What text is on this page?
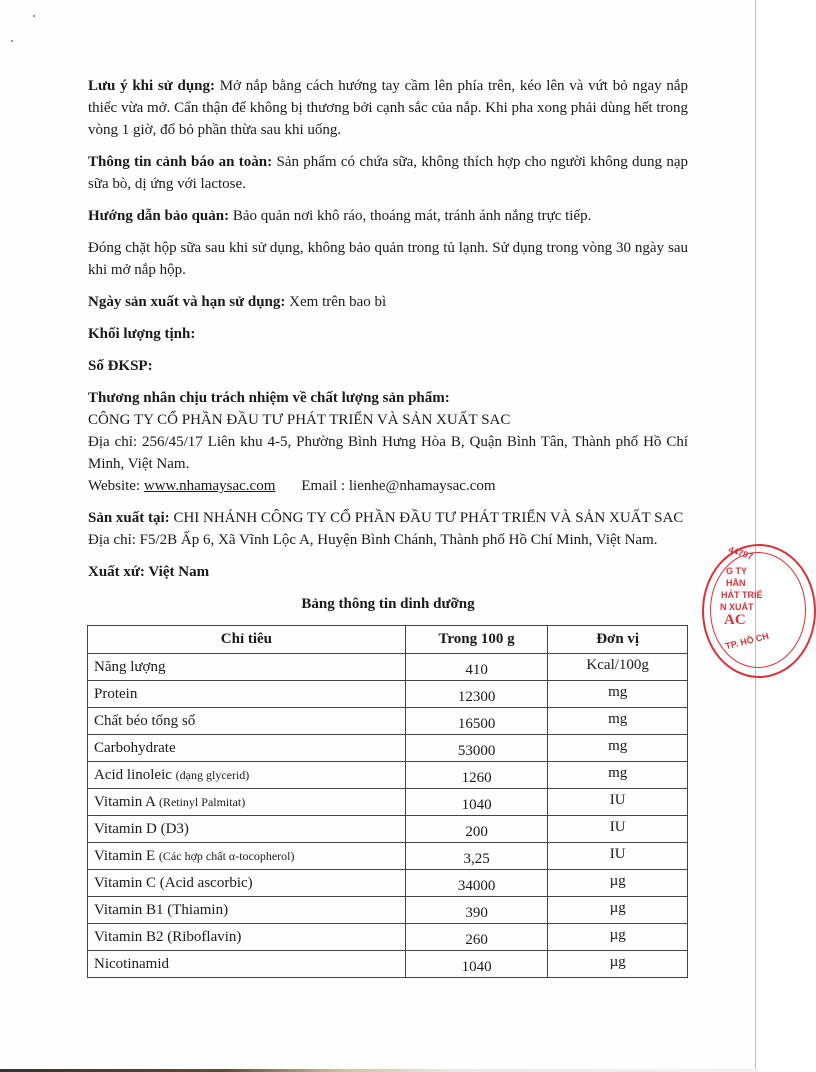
Lưu ý khi sử dụng: Mở nắp bằng cách hướng tay cầm lên phía trên, kéo lên và vứt bỏ ngay nắp thiếc vừa mở. Cẩn thận để không bị thương bởi cạnh sắc của nắp. Khi pha xong phải dùng hết trong vòng 1 giờ, đổ bỏ phần thừa sau khi uống.

Thông tin cảnh báo an toàn: Sản phẩm có chứa sữa, không thích hợp cho người không dung nạp sữa bò, dị ứng với lactose.

Hướng dẫn bảo quản: Bảo quản nơi khô ráo, thoáng mát, tránh ánh nắng trực tiếp.

Đóng chặt hộp sữa sau khi sử dụng, không bảo quản trong tủ lạnh. Sử dụng trong vòng 30 ngày sau khi mở nắp hộp.

Ngày sản xuất và hạn sử dụng: Xem trên bao bì

Khối lượng tịnh:

Số ĐKSP:

Thương nhân chịu trách nhiệm về chất lượng sản phẩm:
CÔNG TY CỔ PHẦN ĐẦU TƯ PHÁT TRIỂN VÀ SẢN XUẤT SAC
Địa chỉ: 256/45/17 Liên khu 4-5, Phường Bình Hưng Hòa B, Quận Bình Tân, Thành phố Hồ Chí Minh, Việt Nam.
Website: www.nhamaysac.com Email : lienhe@nhamaysac.com
Sản xuất tại: CHI NHÁNH CÔNG TY CỔ PHẦN ĐẦU TƯ PHÁT TRIỂN VÀ SẢN XUẤT SAC
Địa chỉ: F5/2B Ấp 6, Xã Vĩnh Lộc A, Huyện Bình Chánh, Thành phố Hồ Chí Minh, Việt Nam.

Xuất xứ: Việt Nam

Bảng thông tin dinh dưỡng
Chỉ tiêu	Trong 100 g	Đơn vị
Năng lượng	410	Kcal/100g
Protein	12300	mg
Chất béo tổng số	16500	mg
Carbohydrate	53000	mg
Acid linoleic (dạng glycerid)	1260	mg
Vitamin A (Retinyl Palmitat)	1040	IU
Vitamin D (D3)	200	IU
Vitamin E (Các hợp chất α-tocopherol)	3,25	IU
Vitamin C (Acid ascorbic)	34000	µg
Vitamin B1 (Thiamin)	390	µg
Vitamin B2 (Riboflavin)	260	µg
Nicotinamid	1040	µg
44797
G TY
HẦN
HÁT TRIỂ
N XUẤT
AC
TP. HỒ CH
